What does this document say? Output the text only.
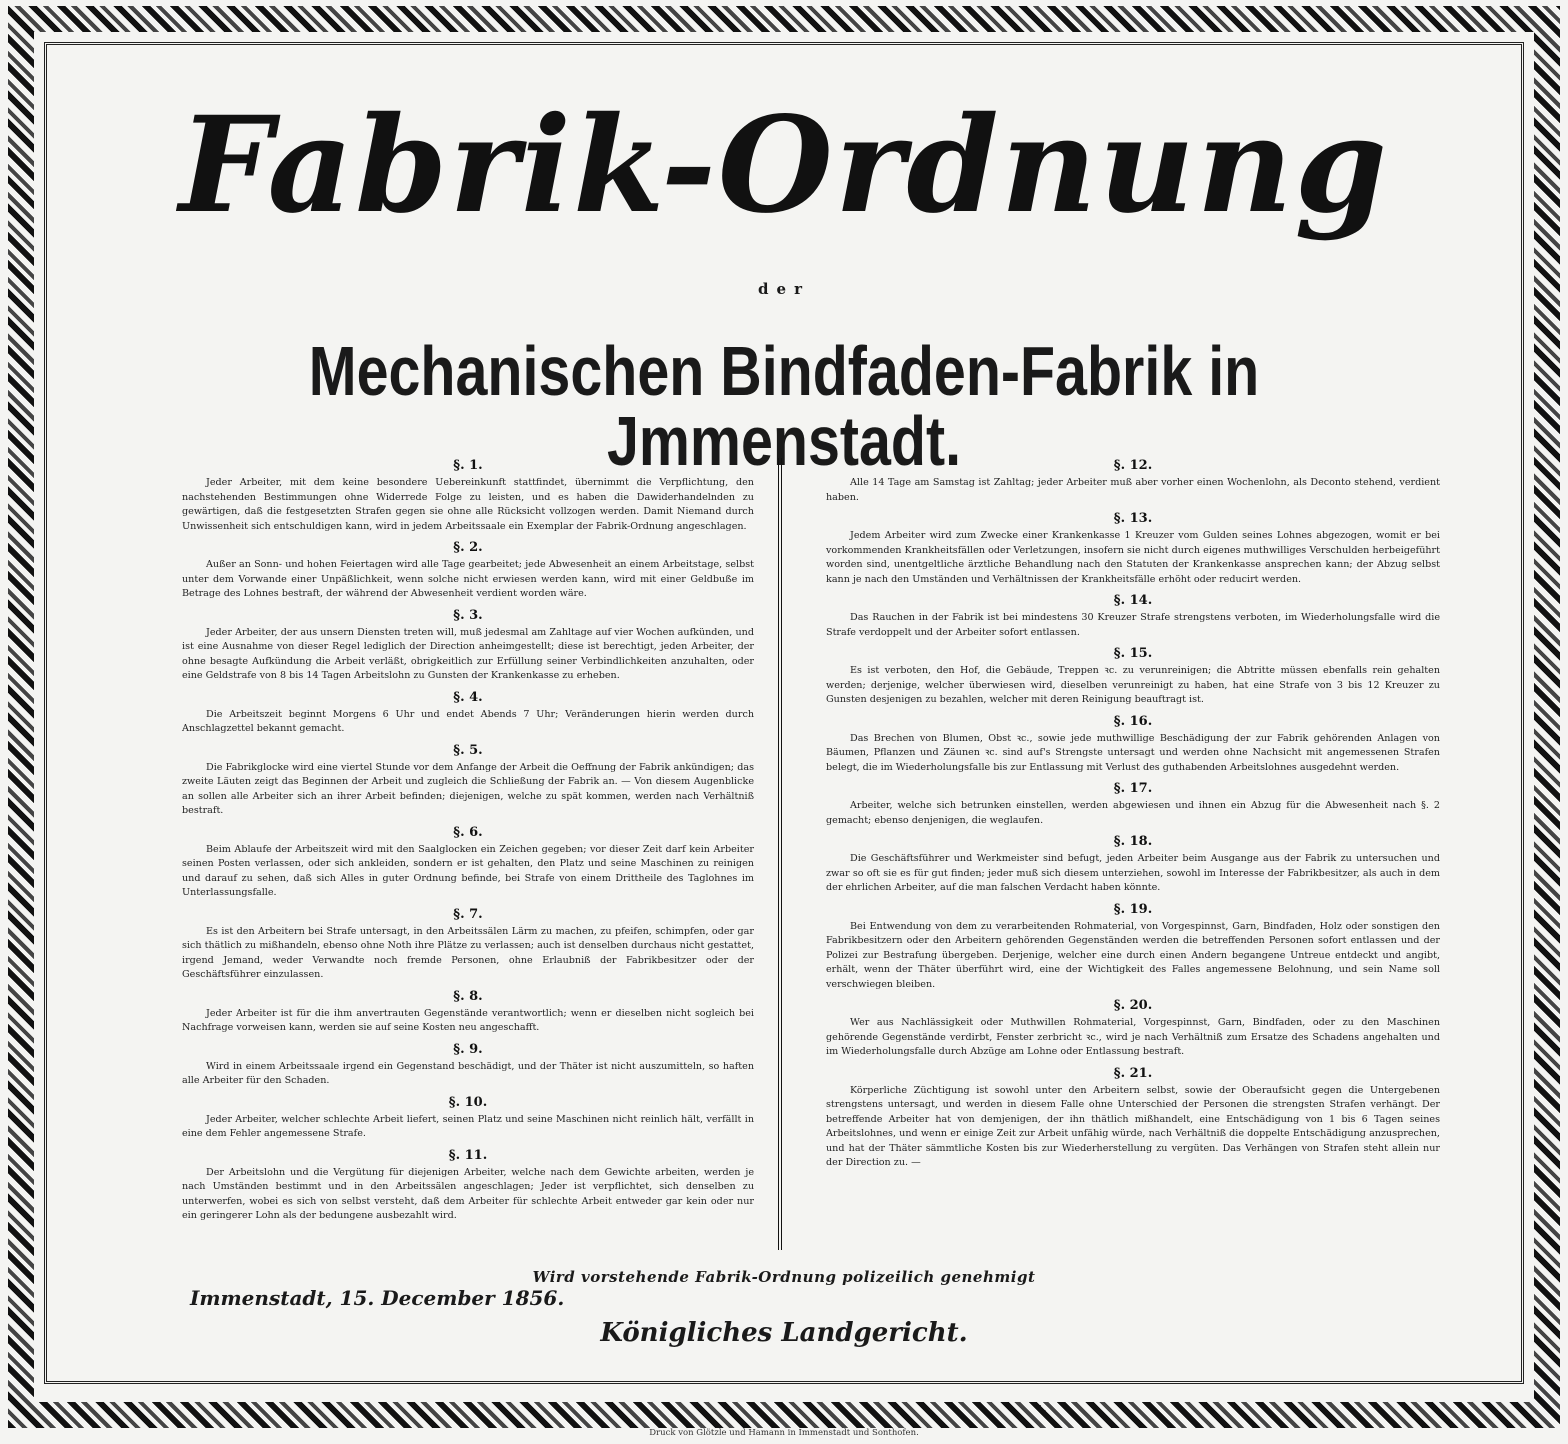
Fabrik-Ordnung
der
Mechanischen Bindfaden-Fabrik in Jmmenstadt.
§. 1.
Jeder Arbeiter, mit dem keine besondere Uebereinkunft stattfindet, übernimmt die Verpflichtung, den nachstehenden Bestimmungen ohne Widerrede Folge zu leisten, und es haben die Dawiderhandelnden zu gewärtigen, daß die festgesetzten Strafen gegen sie ohne alle Rücksicht vollzogen werden. Damit Niemand durch Unwissenheit sich entschuldigen kann, wird in jedem Arbeitssaale ein Exemplar der Fabrik-Ordnung angeschlagen.
§. 2.
Außer an Sonn- und hohen Feiertagen wird alle Tage gearbeitet; jede Abwesenheit an einem Arbeitstage, selbst unter dem Vorwande einer Unpäßlichkeit, wenn solche nicht erwiesen werden kann, wird mit einer Geldbuße im Betrage des Lohnes bestraft, der während der Abwesenheit verdient worden wäre.
§. 3.
Jeder Arbeiter, der aus unsern Diensten treten will, muß jedesmal am Zahltage auf vier Wochen aufkünden, und ist eine Ausnahme von dieser Regel lediglich der Direction anheimgestellt; diese ist berechtigt, jeden Arbeiter, der ohne besagte Aufkündung die Arbeit verläßt, obrigkeitlich zur Erfüllung seiner Verbindlichkeiten anzuhalten, oder eine Geldstrafe von 8 bis 14 Tagen Arbeitslohn zu Gunsten der Krankenkasse zu erheben.
§. 4.
Die Arbeitszeit beginnt Morgens 6 Uhr und endet Abends 7 Uhr; Veränderungen hierin werden durch Anschlagzettel bekannt gemacht.
§. 5.
Die Fabrikglocke wird eine viertel Stunde vor dem Anfange der Arbeit die Oeffnung der Fabrik ankündigen; das zweite Läuten zeigt das Beginnen der Arbeit und zugleich die Schließung der Fabrik an. — Von diesem Augenblicke an sollen alle Arbeiter sich an ihrer Arbeit befinden; diejenigen, welche zu spät kommen, werden nach Verhältniß bestraft.
§. 6.
Beim Ablaufe der Arbeitszeit wird mit den Saalglocken ein Zeichen gegeben; vor dieser Zeit darf kein Arbeiter seinen Posten verlassen, oder sich ankleiden, sondern er ist gehalten, den Platz und seine Maschinen zu reinigen und darauf zu sehen, daß sich Alles in guter Ordnung befinde, bei Strafe von einem Drittheile des Taglohnes im Unterlassungsfalle.
§. 7.
Es ist den Arbeitern bei Strafe untersagt, in den Arbeitssälen Lärm zu machen, zu pfeifen, schimpfen, oder gar sich thätlich zu mißhandeln, ebenso ohne Noth ihre Plätze zu verlassen; auch ist denselben durchaus nicht gestattet, irgend Jemand, weder Verwandte noch fremde Personen, ohne Erlaubniß der Fabrikbesitzer oder der Geschäftsführer einzulassen.
§. 8.
Jeder Arbeiter ist für die ihm anvertrauten Gegenstände verantwortlich; wenn er dieselben nicht sogleich bei Nachfrage vorweisen kann, werden sie auf seine Kosten neu angeschafft.
§. 9.
Wird in einem Arbeitssaale irgend ein Gegenstand beschädigt, und der Thäter ist nicht auszumitteln, so haften alle Arbeiter für den Schaden.
§. 10.
Jeder Arbeiter, welcher schlechte Arbeit liefert, seinen Platz und seine Maschinen nicht reinlich hält, verfällt in eine dem Fehler angemessene Strafe.
§. 11.
Der Arbeitslohn und die Vergütung für diejenigen Arbeiter, welche nach dem Gewichte arbeiten, werden je nach Umständen bestimmt und in den Arbeitssälen angeschlagen; Jeder ist verpflichtet, sich denselben zu unterwerfen, wobei es sich von selbst versteht, daß dem Arbeiter für schlechte Arbeit entweder gar kein oder nur ein geringerer Lohn als der bedungene ausbezahlt wird.
§. 12.
Alle 14 Tage am Samstag ist Zahltag; jeder Arbeiter muß aber vorher einen Wochenlohn, als Deconto stehend, verdient haben.
§. 13.
Jedem Arbeiter wird zum Zwecke einer Krankenkasse 1 Kreuzer vom Gulden seines Lohnes abgezogen, womit er bei vorkommenden Krankheitsfällen oder Verletzungen, insofern sie nicht durch eigenes muthwilliges Verschulden herbeigeführt worden sind, unentgeltliche ärztliche Behandlung nach den Statuten der Krankenkasse ansprechen kann; der Abzug selbst kann je nach den Umständen und Verhältnissen der Krankheitsfälle erhöht oder reducirt werden.
§. 14.
Das Rauchen in der Fabrik ist bei mindestens 30 Kreuzer Strafe strengstens verboten, im Wiederholungsfalle wird die Strafe verdoppelt und der Arbeiter sofort entlassen.
§. 15.
Es ist verboten, den Hof, die Gebäude, Treppen ꝛc. zu verunreinigen; die Abtritte müssen ebenfalls rein gehalten werden; derjenige, welcher überwiesen wird, dieselben verunreinigt zu haben, hat eine Strafe von 3 bis 12 Kreuzer zu Gunsten desjenigen zu bezahlen, welcher mit deren Reinigung beauftragt ist.
§. 16.
Das Brechen von Blumen, Obst ꝛc., sowie jede muthwillige Beschädigung der zur Fabrik gehörenden Anlagen von Bäumen, Pflanzen und Zäunen ꝛc. sind auf's Strengste untersagt und werden ohne Nachsicht mit angemessenen Strafen belegt, die im Wiederholungsfalle bis zur Entlassung mit Verlust des guthabenden Arbeitslohnes ausgedehnt werden.
§. 17.
Arbeiter, welche sich betrunken einstellen, werden abgewiesen und ihnen ein Abzug für die Abwesenheit nach §. 2 gemacht; ebenso denjenigen, die weglaufen.
§. 18.
Die Geschäftsführer und Werkmeister sind befugt, jeden Arbeiter beim Ausgange aus der Fabrik zu untersuchen und zwar so oft sie es für gut finden; jeder muß sich diesem unterziehen, sowohl im Interesse der Fabrikbesitzer, als auch in dem der ehrlichen Arbeiter, auf die man falschen Verdacht haben könnte.
§. 19.
Bei Entwendung von dem zu verarbeitenden Rohmaterial, von Vorgespinnst, Garn, Bindfaden, Holz oder sonstigen den Fabrikbesitzern oder den Arbeitern gehörenden Gegenständen werden die betreffenden Personen sofort entlassen und der Polizei zur Bestrafung übergeben. Derjenige, welcher eine durch einen Andern begangene Untreue entdeckt und angibt, erhält, wenn der Thäter überführt wird, eine der Wichtigkeit des Falles angemessene Belohnung, und sein Name soll verschwiegen bleiben.
§. 20.
Wer aus Nachlässigkeit oder Muthwillen Rohmaterial, Vorgespinnst, Garn, Bindfaden, oder zu den Maschinen gehörende Gegenstände verdirbt, Fenster zerbricht ꝛc., wird je nach Verhältniß zum Ersatze des Schadens angehalten und im Wiederholungsfalle durch Abzüge am Lohne oder Entlassung bestraft.
§. 21.
Körperliche Züchtigung ist sowohl unter den Arbeitern selbst, sowie der Oberaufsicht gegen die Untergebenen strengstens untersagt, und werden in diesem Falle ohne Unterschied der Personen die strengsten Strafen verhängt. Der betreffende Arbeiter hat von demjenigen, der ihn thätlich mißhandelt, eine Entschädigung von 1 bis 6 Tagen seines Arbeitslohnes, und wenn er einige Zeit zur Arbeit unfähig würde, nach Verhältniß die doppelte Entschädigung anzusprechen, und hat der Thäter sämmtliche Kosten bis zur Wiederherstellung zu vergüten. Das Verhängen von Strafen steht allein nur der Direction zu. —
Wird vorstehende Fabrik-Ordnung polizeilich genehmigt
Immenstadt, 15. December 1856.
Königliches Landgericht.
Druck von Glötzle und Hamann in Immenstadt und Sonthofen.
